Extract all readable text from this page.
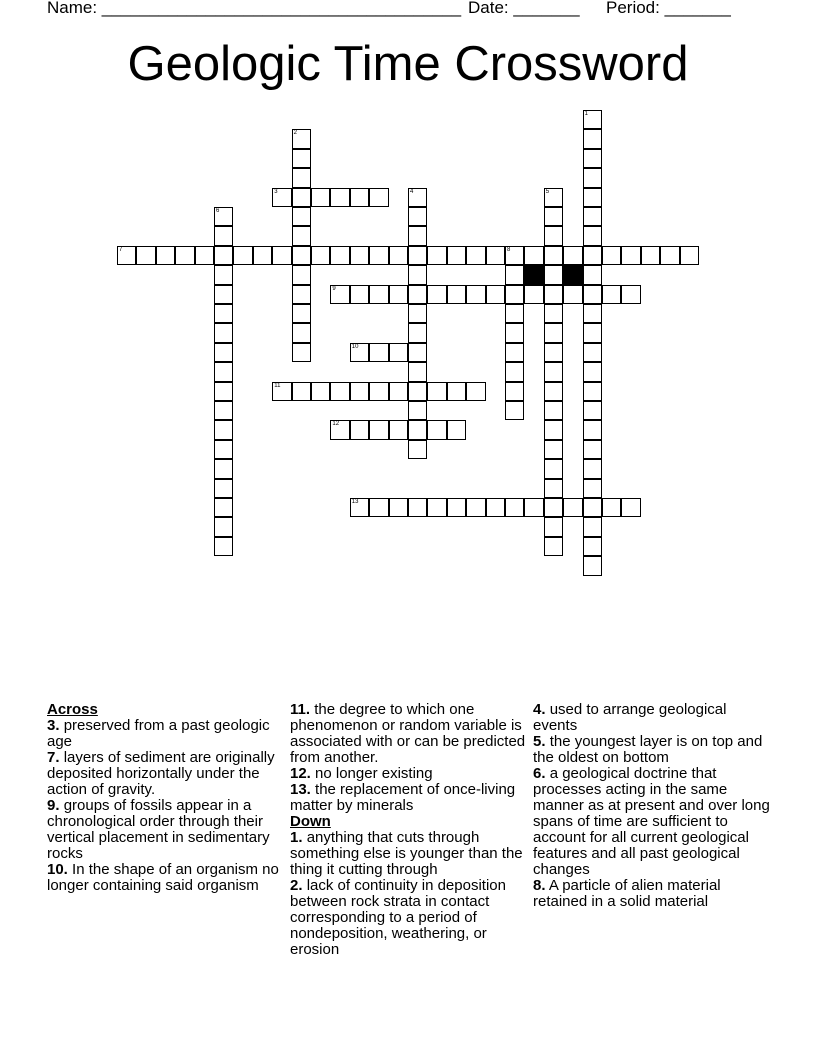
Name: ______________________________________ Date: _______ Period: _______
Geologic Time Crossword
1
2
3	4	5
6
7	8
9
10
11
12
13

Across

3. preserved from a past geologic age

7. layers of sediment are originally deposited horizontally under the action of gravity.

9. groups of fossils appear in a chronological order through their vertical placement in sedimentary rocks

10. In the shape of an organism no longer containing said organism

11. the degree to which one phenomenon or random variable is associated with or can be predicted from another.

12. no longer existing

13. the replacement of once-living matter by minerals

Down

1. anything that cuts through something else is younger than the thing it cutting through

2. lack of continuity in deposition between rock strata in contact corresponding to a period of nondeposition, weathering, or erosion

4. used to arrange geological events

5. the youngest layer is on top and the oldest on bottom

6. a geological doctrine that processes acting in the same manner as at present and over long spans of time are sufficient to account for all current geological features and all past geological changes

8. A particle of alien material retained in a solid material
